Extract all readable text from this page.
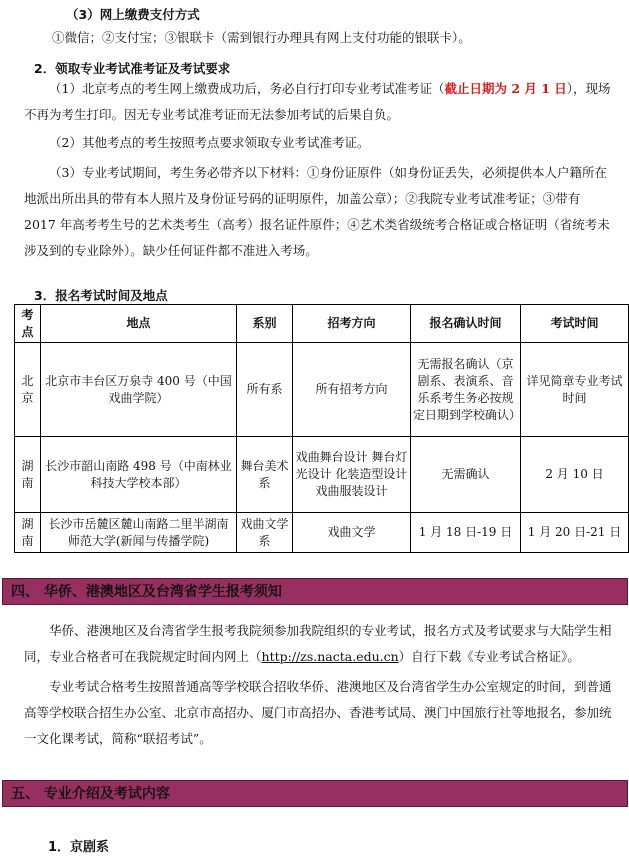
（3）网上缴费支付方式
①微信；②支付宝；③银联卡（需到银行办理具有网上支付功能的银联卡）。
2．领取专业考试准考证及考试要求

（1）北京考点的考生网上缴费成功后，务必自行打印专业考试准考证（截止日期为 2 月 1 日），现场不再为考生打印。因无专业考试准考证而无法参加考试的后果自负。

（2）其他考点的考生按照考点要求领取专业考试准考证。

（3）专业考试期间，考生务必带齐以下材料：①身份证原件（如身份证丢失，必须提供本人户籍所在地派出所出具的带有本人照片及身份证号码的证明原件，加盖公章）；②我院专业考试准考证；③带有 2017 年高考考生号的艺术类考生（高考）报名证件原件；④艺术类省级统考合格证或合格证明（省统考未涉及到的专业除外）。缺少任何证件都不准进入考场。

3．报名考试时间及地点
考点	地点	系别	招考方向	报名确认时间	考试时间
北京	北京市丰台区万泉寺 400 号（中国戏曲学院）	所有系	所有招考方向	无需报名确认（京剧系、表演系、音乐系考生务必按规定日期到学校确认）	详见简章专业考试时间
湖南	长沙市韶山南路 498 号（中南林业科技大学校本部）	舞台美术系	戏曲舞台设计 舞台灯光设计 化装造型设计 戏曲服装设计	无需确认	2 月 10 日
湖南	长沙市岳麓区麓山南路二里半湖南师范大学(新闻与传播学院)	戏曲文学系	戏曲文学	1 月 18 日-19 日	1 月 20 日-21 日
四、 华侨、港澳地区及台湾省学生报考须知

华侨、港澳地区及台湾省学生报考我院须参加我院组织的专业考试，报名方式及考试要求与大陆学生相同，专业合格者可在我院规定时间内网上（http://zs.nacta.edu.cn）自行下载《专业考试合格证》。

专业考试合格考生按照普通高等学校联合招收华侨、港澳地区及台湾省学生办公室规定的时间，到普通高等学校联合招生办公室、北京市高招办、厦门市高招办、香港考试局、澳门中国旅行社等地报名，参加统一文化课考试，简称“联招考试”。

五、 专业介绍及考试内容
1．京剧系
